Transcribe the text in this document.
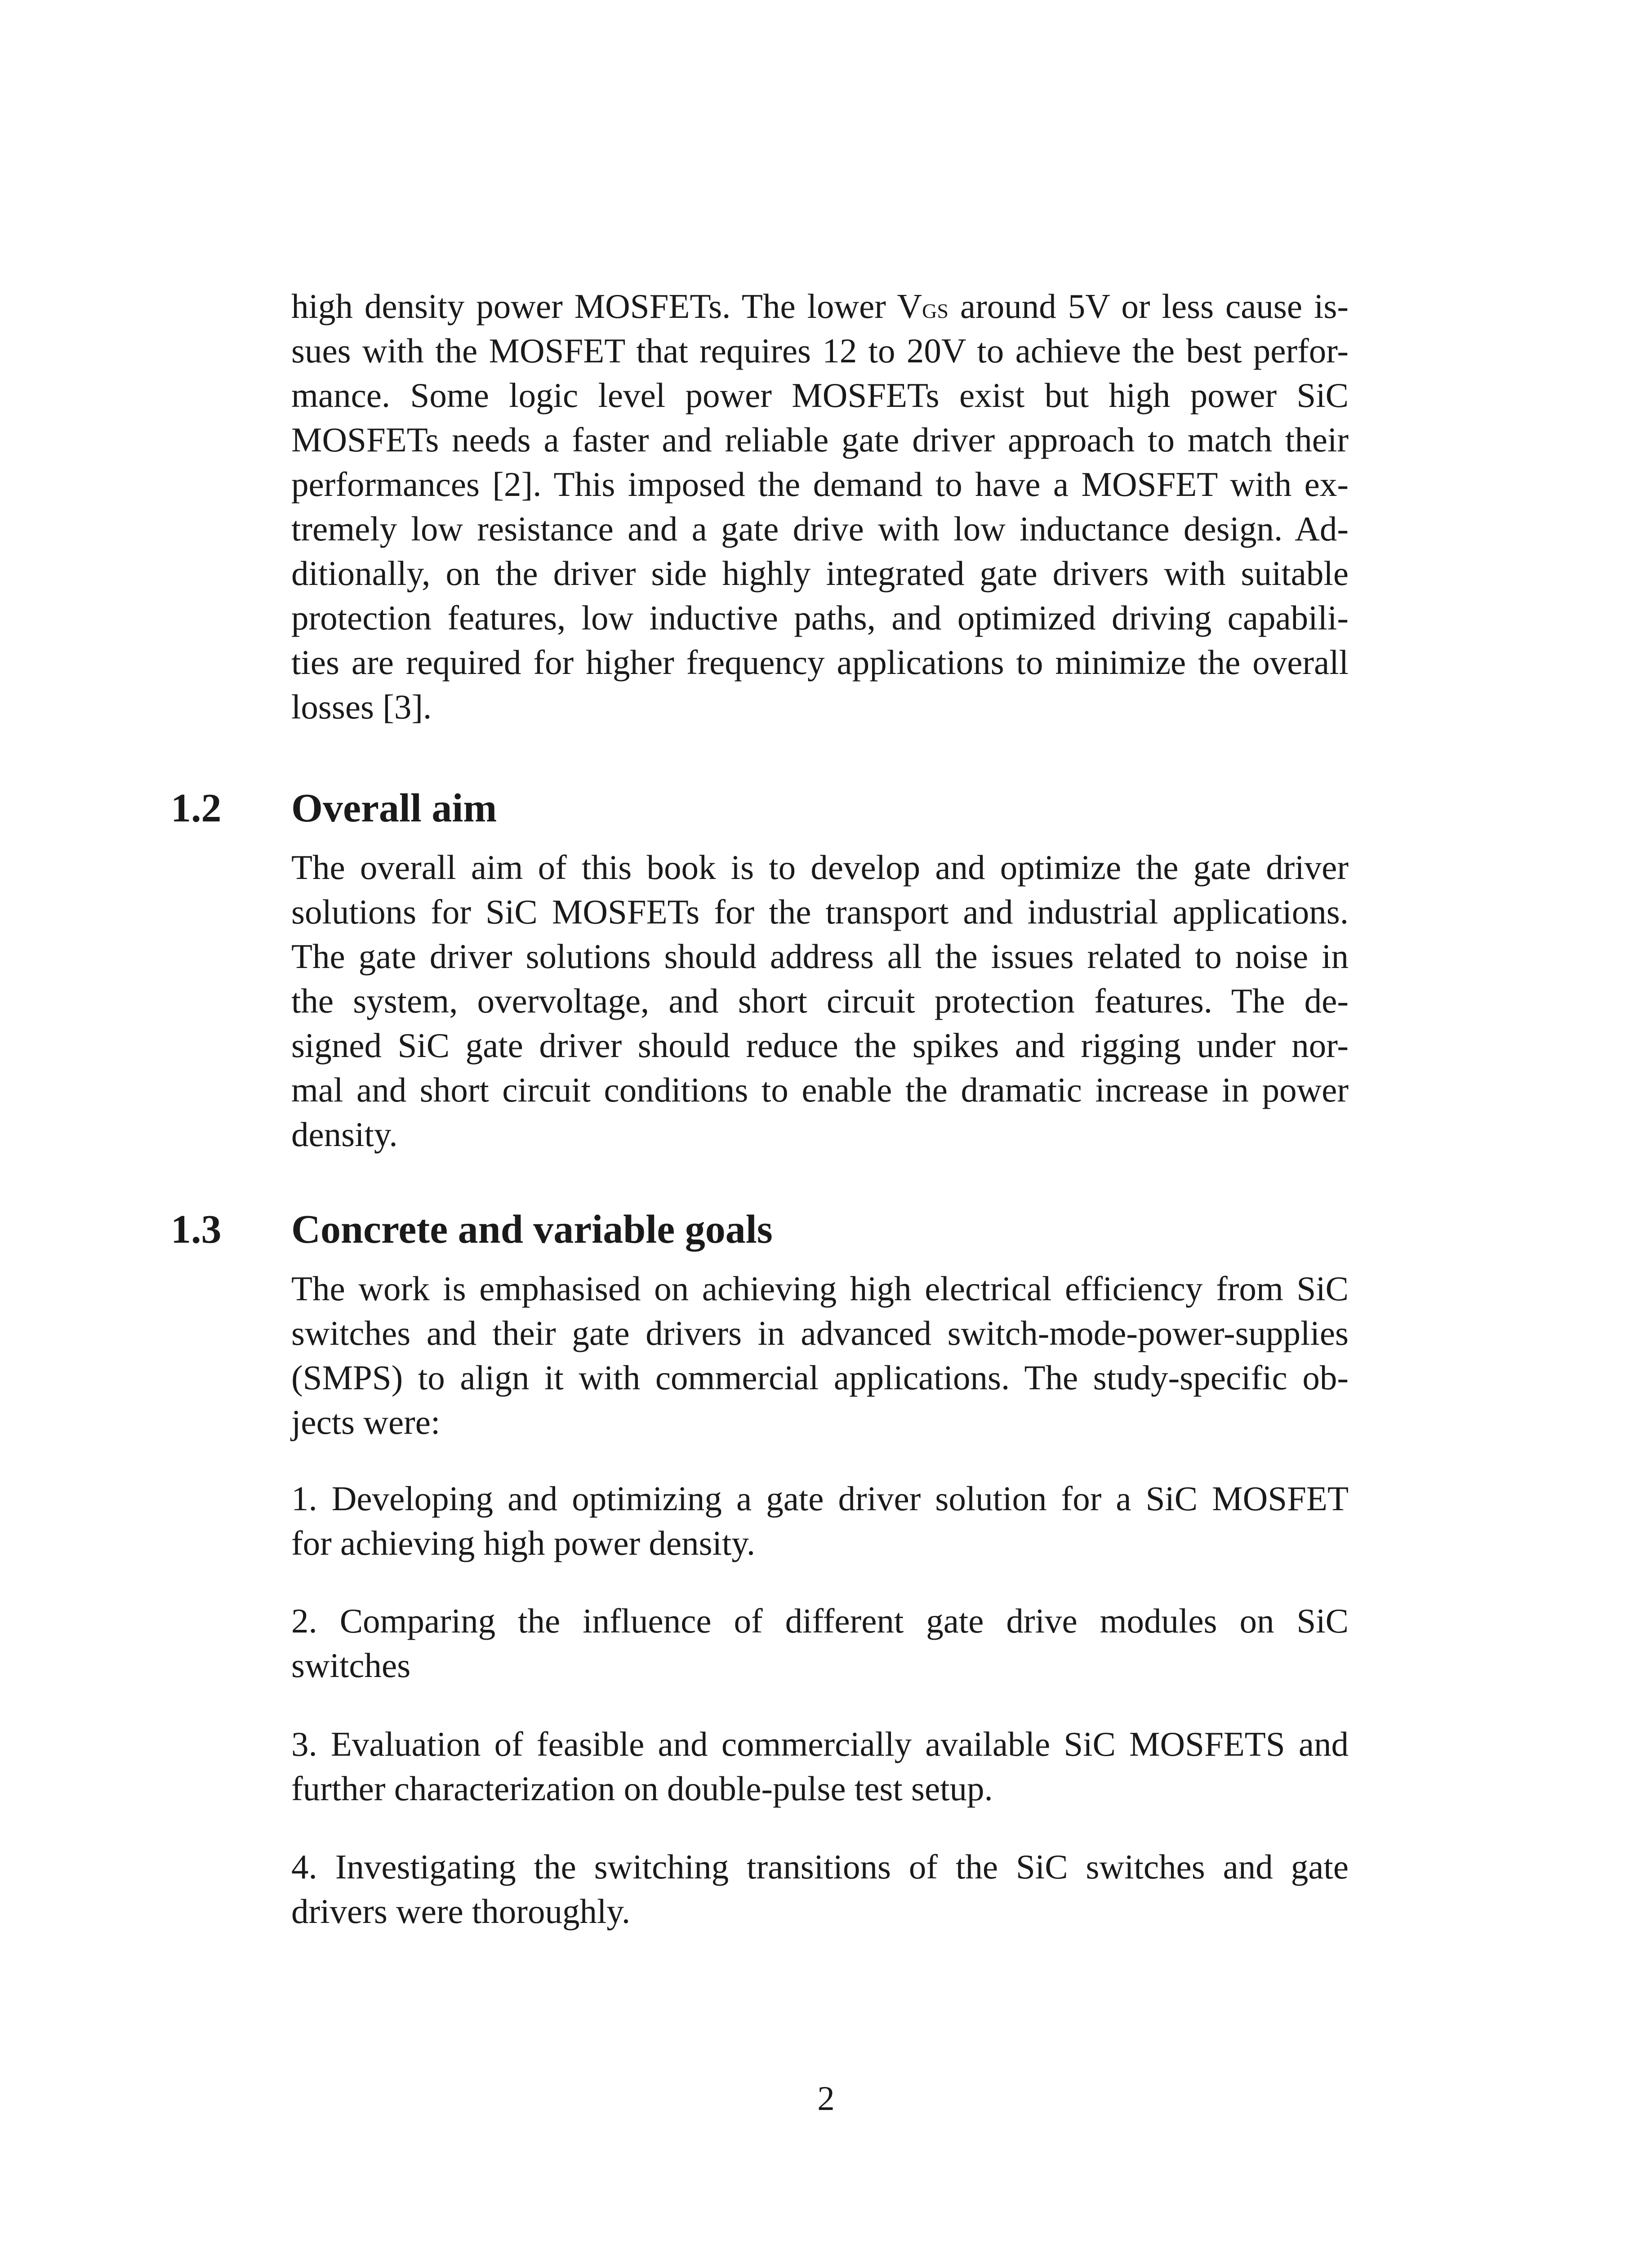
high density power MOSFETs. The lower VGS around 5V or less cause is-
sues with the MOSFET that requires 12 to 20V to achieve the best perfor-
mance. Some logic level power MOSFETs exist but high power SiC
MOSFETs needs a faster and reliable gate driver approach to match their
performances [2]. This imposed the demand to have a MOSFET with ex-
tremely low resistance and a gate drive with low inductance design. Ad-
ditionally, on the driver side highly integrated gate drivers with suitable
protection features, low inductive paths, and optimized driving capabili-
ties are required for higher frequency applications to minimize the overall
losses [3].
1.2 Overall aim
The overall aim of this book is to develop and optimize the gate driver
solutions for SiC MOSFETs for the transport and industrial applications.
The gate driver solutions should address all the issues related to noise in
the system, overvoltage, and short circuit protection features. The de-
signed SiC gate driver should reduce the spikes and rigging under nor-
mal and short circuit conditions to enable the dramatic increase in power
density.
1.3 Concrete and variable goals
The work is emphasised on achieving high electrical efficiency from SiC
switches and their gate drivers in advanced switch-mode-power-supplies
(SMPS) to align it with commercial applications. The study-specific ob-
jects were:
1. Developing and optimizing a gate driver solution for a SiC MOSFET
for achieving high power density.
2. Comparing the influence of different gate drive modules on SiC
switches
3. Evaluation of feasible and commercially available SiC MOSFETS and
further characterization on double-pulse test setup.
4. Investigating the switching transitions of the SiC switches and gate
drivers were thoroughly.
2
